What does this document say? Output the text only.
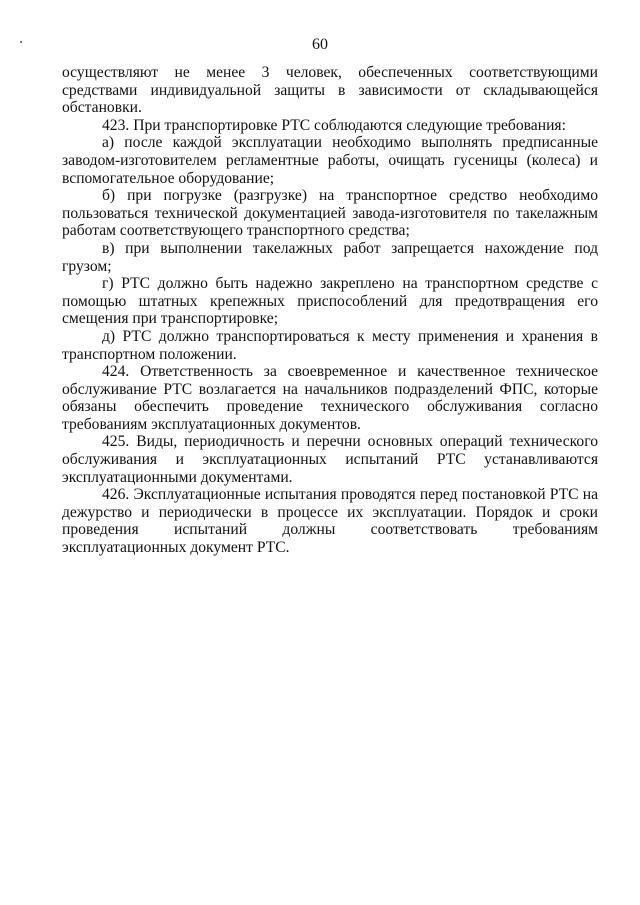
60

осуществляют не менее 3 человек, обеспеченных соответствующими средствами индивидуальной защиты в зависимости от складывающейся обстановки.

423. При транспортировке РТС соблюдаются следующие требования:

а) после каждой эксплуатации необходимо выполнять предписанные заводом-изготовителем регламентные работы, очищать гусеницы (колеса) и вспомогательное оборудование;

б) при погрузке (разгрузке) на транспортное средство необходимо пользоваться технической документацией завода-изготовителя по такелажным работам соответствующего транспортного средства;

в) при выполнении такелажных работ запрещается нахождение под грузом;

г) РТС должно быть надежно закреплено на транспортном средстве с помощью штатных крепежных приспособлений для предотвращения его смещения при транспортировке;

д) РТС должно транспортироваться к месту применения и хранения в транспортном положении.

424. Ответственность за своевременное и качественное техническое обслуживание РТС возлагается на начальников подразделений ФПС, которые обязаны обеспечить проведение технического обслуживания согласно требованиям эксплуатационных документов.

425. Виды, периодичность и перечни основных операций технического обслуживания и эксплуатационных испытаний РТС устанавливаются эксплуатационными документами.

426. Эксплуатационные испытания проводятся перед постановкой РТС на дежурство и периодически в процессе их эксплуатации. Порядок и сроки проведения испытаний должны соответствовать требованиям эксплуатационных документ РТС.
